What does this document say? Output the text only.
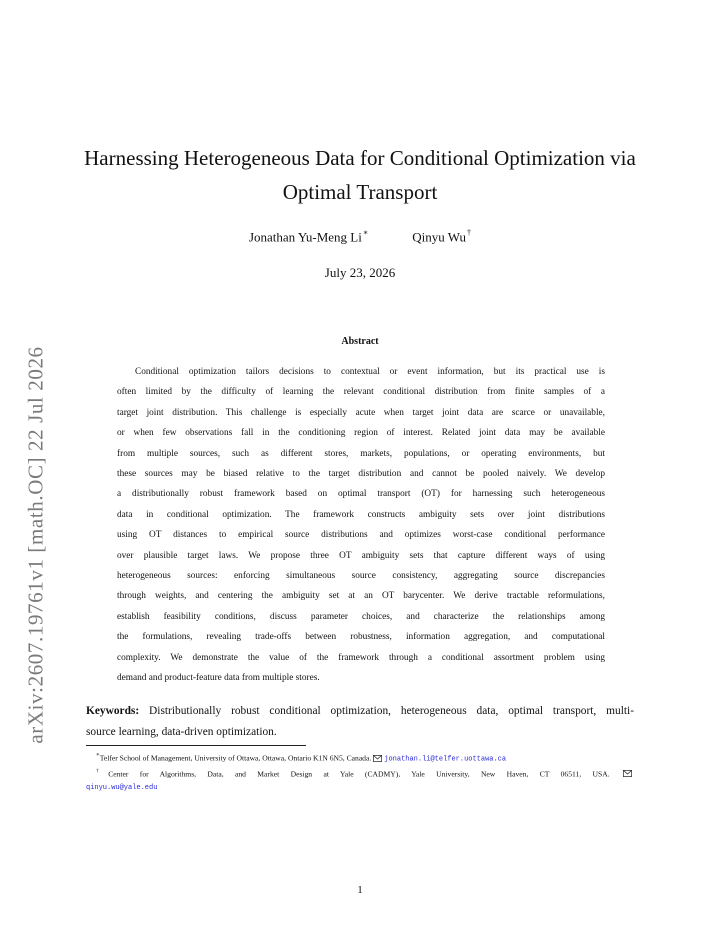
arXiv:2607.19761v1 [math.OC] 22 Jul 2026
Harnessing Heterogeneous Data for Conditional Optimization via
Optimal Transport
Jonathan Yu-Meng Li∗	Qinyu Wu†
July 23, 2026
Abstract
Conditional optimization tailors decisions to contextual or event information, but its practical use is
often limited by the difficulty of learning the relevant conditional distribution from finite samples of a
target joint distribution. This challenge is especially acute when target joint data are scarce or unavailable,
or when few observations fall in the conditioning region of interest. Related joint data may be available
from multiple sources, such as different stores, markets, populations, or operating environments, but
these sources may be biased relative to the target distribution and cannot be pooled naively. We develop
a distributionally robust framework based on optimal transport (OT) for harnessing such heterogeneous
data in conditional optimization. The framework constructs ambiguity sets over joint distributions
using OT distances to empirical source distributions and optimizes worst-case conditional performance
over plausible target laws. We propose three OT ambiguity sets that capture different ways of using
heterogeneous sources: enforcing simultaneous source consistency, aggregating source discrepancies
through weights, and centering the ambiguity set at an OT barycenter. We derive tractable reformulations,
establish feasibility conditions, discuss parameter choices, and characterize the relationships among
the formulations, revealing trade-offs between robustness, information aggregation, and computational
complexity. We demonstrate the value of the framework through a conditional assortment problem using
demand and product-feature data from multiple stores.
Keywords: Distributionally robust conditional optimization, heterogeneous data, optimal transport, multi-
source learning, data-driven optimization.
∗Telfer School of Management, University of Ottawa, Ottawa, Ontario K1N 6N5, Canada. jonathan.li@telfer.uottawa.ca
†Center for Algorithms, Data, and Market Design at Yale (CADMY), Yale University, New Haven, CT 06511, USA.
qinyu.wu@yale.edu
1
